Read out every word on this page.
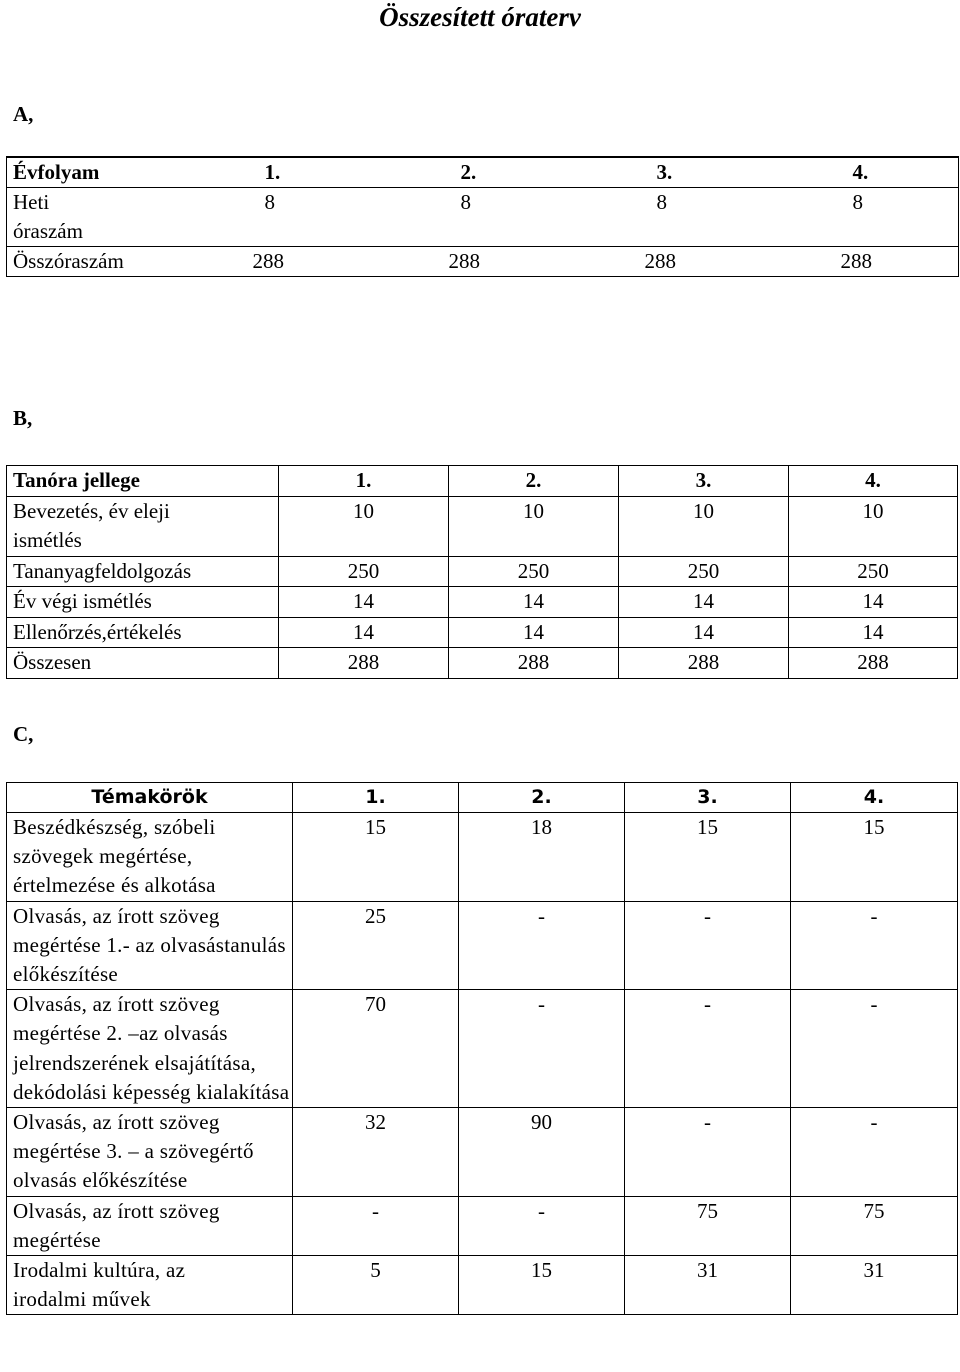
Összesített óraterv
A,
Évfolyam	1.	2.	3.	4.
Heti óraszám	8	8	8	8
Összóraszám	288	288	288	288
B,
Tanóra jellege	1.	2.	3.	4.
Bevezetés, év eleji ismétlés	10	10	10	10
Tananyagfeldolgozás	250	250	250	250
Év végi ismétlés	14	14	14	14
Ellenőrzés,értékelés	14	14	14	14
Összesen	288	288	288	288
C,
Témakörök	1.	2.	3.	4.
Beszédkészség, szóbeli szövegek megértése, értelmezése és alkotása	15	18	15	15
Olvasás, az írott szöveg megértése 1.- az olvasástanulás előkészítése	25	-	-	-
Olvasás, az írott szöveg megértése 2. –az olvasás jelrendszerének elsajátítása, dekódolási képesség kialakítása	70	-	-	-
Olvasás, az írott szöveg megértése 3. – a szövegértő olvasás előkészítése	32	90	-	-
Olvasás, az írott szöveg megértése	-	-	75	75
Irodalmi kultúra, az irodalmi művek	5	15	31	31
